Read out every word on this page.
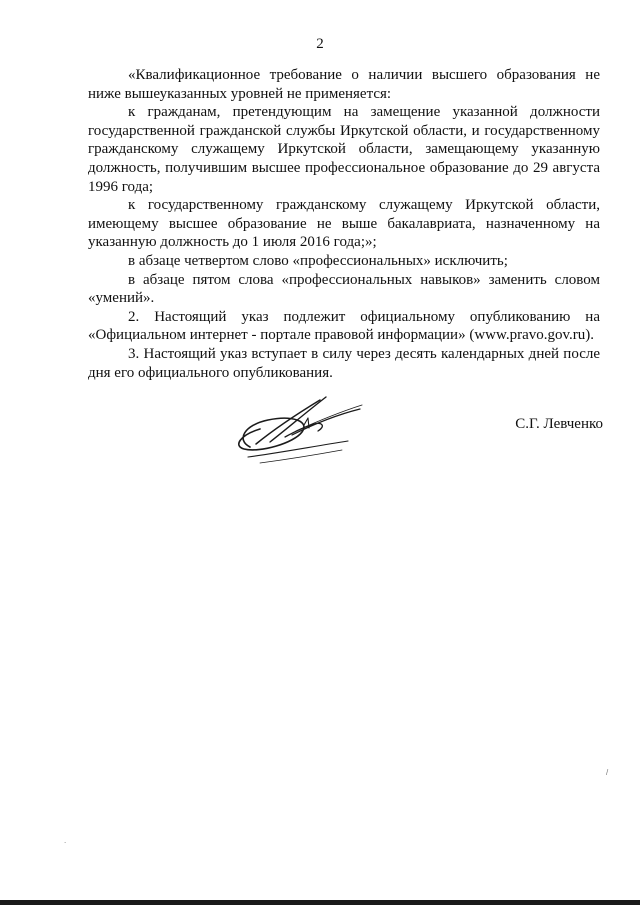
2

«Квалификационное требование о наличии высшего образования не ниже вышеуказанных уровней не применяется:

к гражданам, претендующим на замещение указанной должности государственной гражданской службы Иркутской области, и государственному гражданскому служащему Иркутской области, замещающему указанную должность, получившим высшее профессиональное образование до 29 августа 1996 года;

к государственному гражданскому служащему Иркутской области, имеющему высшее образование не выше бакалавриата, назначенному на указанную должность до 1 июля 2016 года;»;

в абзаце четвертом слово «профессиональных» исключить;

в абзаце пятом слова «профессиональных навыков» заменить словом «умений».

2. Настоящий указ подлежит официальному опубликованию на «Официальном интернет - портале правовой информации» (www.pravo.gov.ru).

3. Настоящий указ вступает в силу через десять календарных дней после дня его официального опубликования.

С.Г. Левченко
/
.
